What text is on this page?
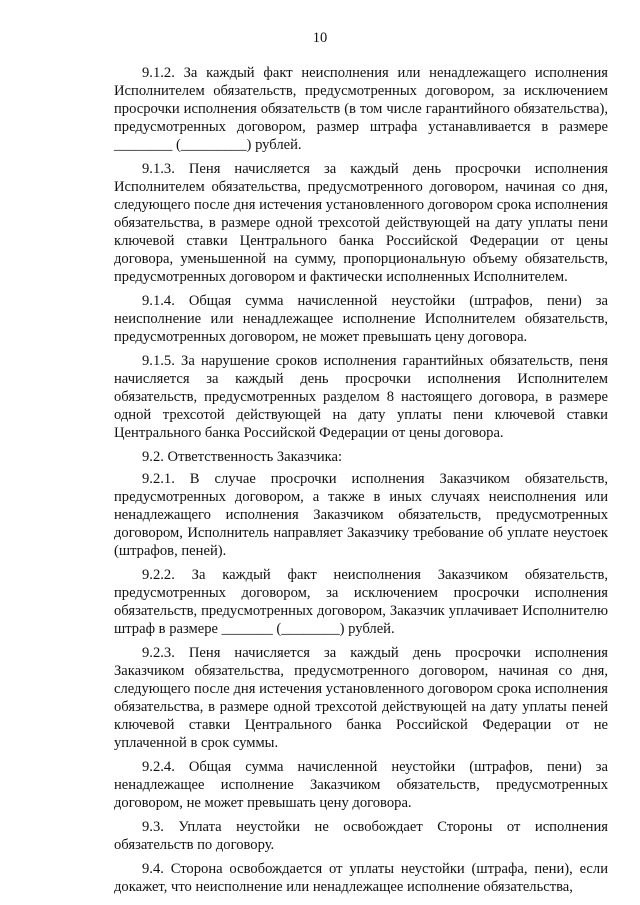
10

9.1.2. За каждый факт неисполнения или ненадлежащего исполнения Исполнителем обязательств, предусмотренных договором, за исключением просрочки исполнения обязательств (в том числе гарантийного обязательства), предусмотренных договором, размер штрафа устанавливается в размере ________ (_________) рублей.

9.1.3. Пеня начисляется за каждый день просрочки исполнения Исполнителем обязательства, предусмотренного договором, начиная со дня, следующего после дня истечения установленного договором срока исполнения обязательства, в размере одной трехсотой действующей на дату уплаты пени ключевой ставки Центрального банка Российской Федерации от цены договора, уменьшенной на сумму, пропорциональную объему обязательств, предусмотренных договором и фактически исполненных Исполнителем.

9.1.4. Общая сумма начисленной неустойки (штрафов, пени) за неисполнение или ненадлежащее исполнение Исполнителем обязательств, предусмотренных договором, не может превышать цену договора.

9.1.5. За нарушение сроков исполнения гарантийных обязательств, пеня начисляется за каждый день просрочки исполнения Исполнителем обязательств, предусмотренных разделом 8 настоящего договора, в размере одной трехсотой действующей на дату уплаты пени ключевой ставки Центрального банка Российской Федерации от цены договора.

9.2. Ответственность Заказчика:

9.2.1. В случае просрочки исполнения Заказчиком обязательств, предусмотренных договором, а также в иных случаях неисполнения или ненадлежащего исполнения Заказчиком обязательств, предусмотренных договором, Исполнитель направляет Заказчику требование об уплате неустоек (штрафов, пеней).

9.2.2. За каждый факт неисполнения Заказчиком обязательств, предусмотренных договором, за исключением просрочки исполнения обязательств, предусмотренных договором, Заказчик уплачивает Исполнителю штраф в размере _______ (________) рублей.

9.2.3. Пеня начисляется за каждый день просрочки исполнения Заказчиком обязательства, предусмотренного договором, начиная со дня, следующего после дня истечения установленного договором срока исполнения обязательства, в размере одной трехсотой действующей на дату уплаты пеней ключевой ставки Центрального банка Российской Федерации от не уплаченной в срок суммы.

9.2.4. Общая сумма начисленной неустойки (штрафов, пени) за ненадлежащее исполнение Заказчиком обязательств, предусмотренных договором, не может превышать цену договора.

9.3. Уплата неустойки не освобождает Стороны от исполнения обязательств по договору.

9.4. Сторона освобождается от уплаты неустойки (штрафа, пени), если докажет, что неисполнение или ненадлежащее исполнение обязательства,
